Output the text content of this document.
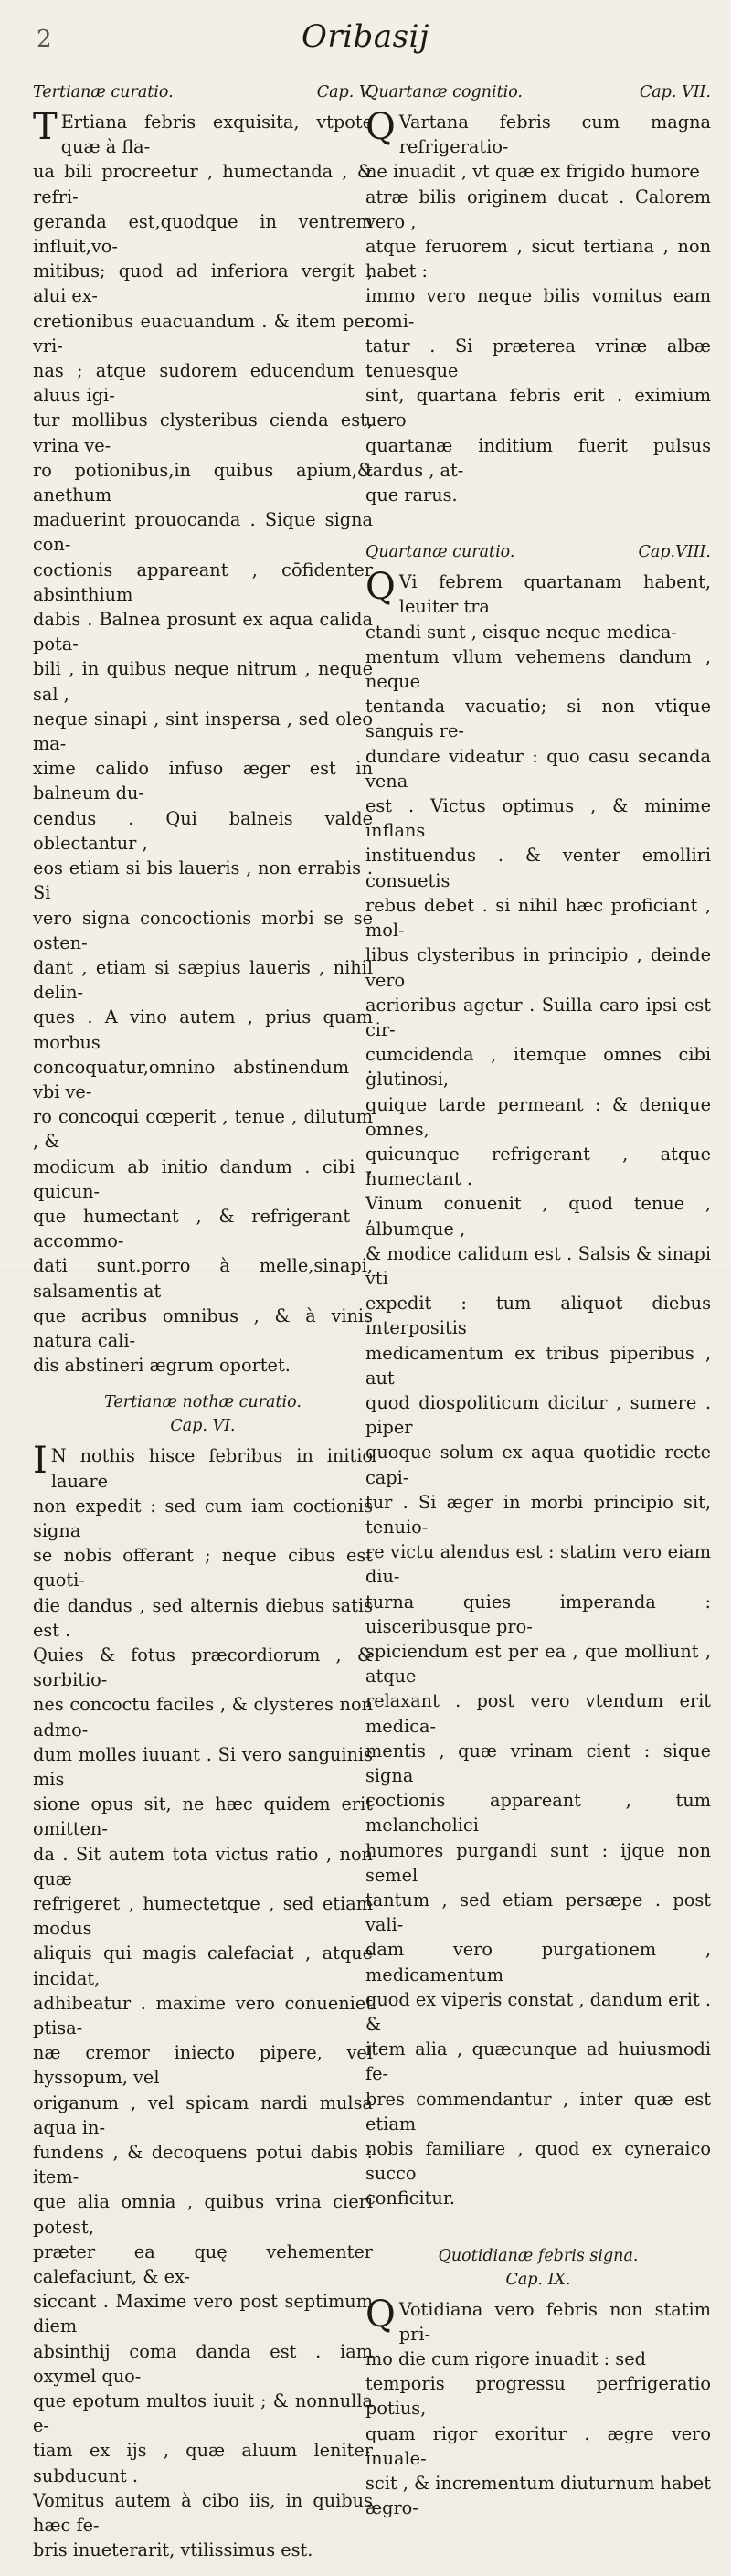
2	Oribasij
Tertianæ curatio.	Cap. V.
T Ertiana febris exquisita, vtpote quæ à fla-

ua bili procreetur , humectanda , & refri-

geranda est,quodque in ventrem influit,vo-

mitibus; quod ad inferiora vergit , alui ex-

cretionibus euacuandum . & item per vri-

nas ; atque sudorem educendum . aluus igi-

tur mollibus clysteribus cienda est, vrina ve-

ro potionibus,in quibus apium,& anethum

maduerint prouocanda . Sique signa con-

coctionis appareant , cōfidenter absinthium

dabis . Balnea prosunt ex aqua calida pota-

bili , in quibus neque nitrum , neque sal ,

neque sinapi , sint inspersa , sed oleo ma-

xime calido infuso æger est in balneum du-

cendus . Qui balneis valde oblectantur ,

eos etiam si bis laueris , non errabis . Si

vero signa concoctionis morbi se se osten-

dant , etiam si sæpius laueris , nihil delin-

ques . A vino autem , prius quam morbus

concoquatur,omnino abstinendum . vbi ve-

ro concoqui cœperit , tenue , dilutum , &

modicum ab initio dandum . cibi , quicun-

que humectant , & refrigerant , accommo-

dati sunt.porro à melle,sinapi, salsamentis at

que acribus omnibus , & à vinis natura cali-

dis abstineri ægrum oportet.

Tertianæ nothæ curatio.
Cap. VI.
I N nothis hisce febribus in initio lauare

non expedit : sed cum iam coctionis signa

se nobis offerant ; neque cibus est quoti-

die dandus , sed alternis diebus satis est .

Quies & fotus præcordiorum , & sorbitio-

nes concoctu faciles , & clysteres non admo-

dum molles iuuant . Si vero sanguinis mis

sione opus sit, ne hæc quidem erit omitten-

da . Sit autem tota victus ratio , non quæ

refrigeret , humectetque , sed etiam modus

aliquis qui magis calefaciat , atque incidat,

adhibeatur . maxime vero conueniet ptisa-

næ cremor iniecto pipere, vel hyssopum, vel

origanum , vel spicam nardi mulsa aqua in-

fundens , & decoquens potui dabis : item-

que alia omnia , quibus vrina cieri potest,

præter ea quę vehementer calefaciunt, & ex-

siccant . Maxime vero post septimum diem

absinthij coma danda est . iam oxymel quo-

que epotum multos iuuit ; & nonnulla e-

tiam ex ijs , quæ aluum leniter subducunt .

Vomitus autem à cibo iis, in quibus hæc fe-

bris inueterarit, vtilissimus est.

Quartanæ cognitio.	Cap. VII.
Q Vartana febris cum magna refrigeratio-

ne inuadit , vt quæ ex frigido humore

atræ bilis originem ducat . Calorem vero ,

atque feruorem , sicut tertiana , non habet :

immo vero neque bilis vomitus eam comi-

tatur . Si præterea vrinæ albæ tenuesque

sint, quartana febris erit . eximium uero

quartanæ inditium fuerit pulsus tardus , at-

que rarus.

Quartanæ curatio.	Cap.VIII.
Q Vi febrem quartanam habent, leuiter tra

ctandi sunt , eisque neque medica-

mentum vllum vehemens dandum , neque

tentanda vacuatio; si non vtique sanguis re-

dundare videatur : quo casu secanda vena

est . Victus optimus , & minime inflans

instituendus . & venter emolliri consuetis

rebus debet . si nihil hæc proficiant , mol-

libus clysteribus in principio , deinde vero

acrioribus agetur . Suilla caro ipsi est cir-

cumcidenda , itemque omnes cibi glutinosi,

quique tarde permeant : & denique omnes,

quicunque refrigerant , atque humectant .

Vinum conuenit , quod tenue , albumque ,

& modice calidum est . Salsis & sinapi vti

expedit : tum aliquot diebus interpositis

medicamentum ex tribus piperibus , aut

quod diospoliticum dicitur , sumere . piper

quoque solum ex aqua quotidie recte capi-

tur . Si æger in morbi principio sit, tenuio-

re victu alendus est : statim vero eiam diu-

turna quies imperanda : uisceribusque pro-

spiciendum est per ea , que molliunt , atque

relaxant . post vero vtendum erit medica-

mentis , quæ vrinam cient : sique signa

coctionis appareant , tum melancholici

humores purgandi sunt : ijque non semel

tantum , sed etiam persæpe . post vali-

dam vero purgationem , medicamentum

quod ex viperis constat , dandum erit . &

item alia , quæcunque ad huiusmodi fe-

bres commendantur , inter quæ est etiam

nobis familiare , quod ex cyneraico succo

conficitur.

Quotidianæ febris signa.
Cap. IX.
Q Votidiana vero febris non statim pri-

mo die cum rigore inuadit : sed

temporis progressu perfrigeratio potius,

quam rigor exoritur . ægre vero inuale-

scit , & incrementum diuturnum habet

ægro-
